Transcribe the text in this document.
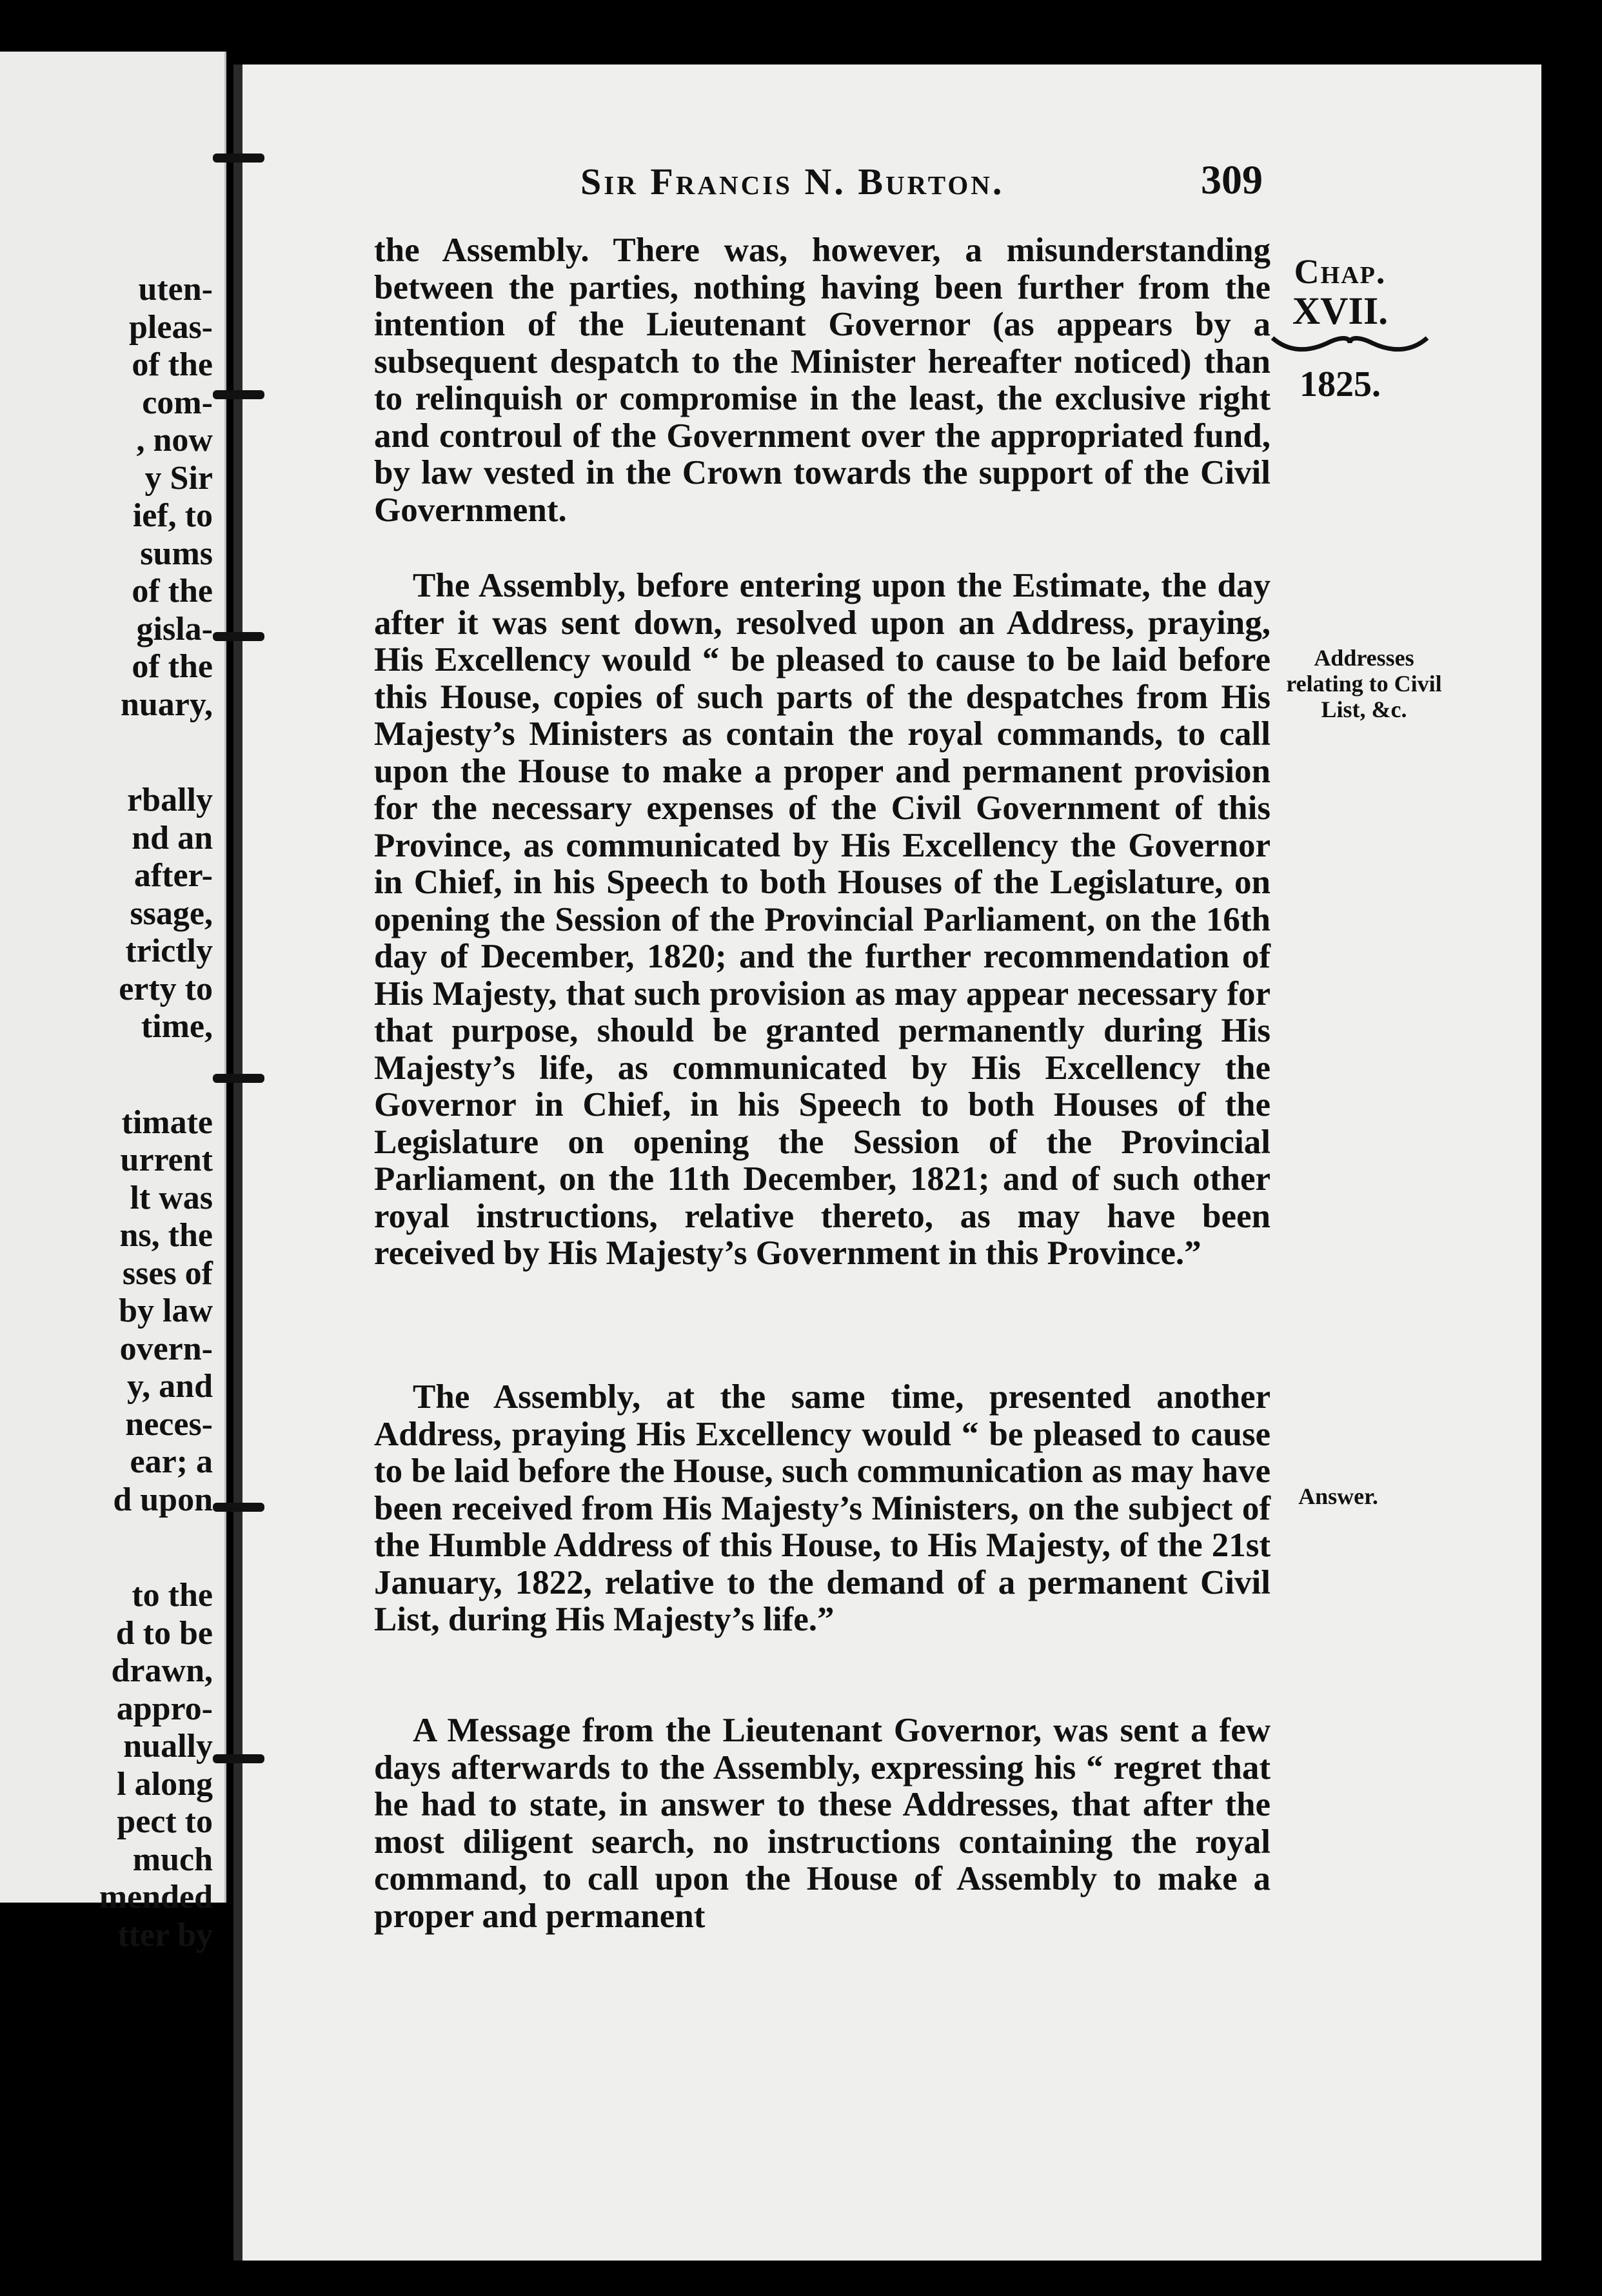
uten-
pleas-
of the
com-
, now
y Sir
ief, to
sums
of the
gisla-
of the
nuary,
rbally
nd an
after-
ssage,
trictly
erty to
time,
timate
urrent
lt was
ns, the
sses of
by law
overn-
y, and
neces-
ear; a
d upon
to the
d to be
drawn,
appro-
nually
l along
pect to
much
mended
tter by
Sir Francis N. Burton.	309
Chap.
XVII.
1825.
Addresses relating to Civil List, &c.
Answer.

the Assembly. There was, however, a misunderstanding between the parties, nothing having been further from the intention of the Lieutenant Governor (as appears by a subsequent despatch to the Minister hereafter noticed) than to relinquish or compromise in the least, the exclusive right and controul of the Government over the appropriated fund, by law vested in the Crown towards the support of the Civil Government.

The Assembly, before entering upon the Estimate, the day after it was sent down, resolved upon an Address, praying, His Excellency would “ be pleased to cause to be laid before this House, copies of such parts of the despatches from His Majesty’s Ministers as contain the royal commands, to call upon the House to make a proper and permanent provision for the necessary expenses of the Civil Government of this Province, as communicated by His Excellency the Governor in Chief, in his Speech to both Houses of the Legislature, on opening the Session of the Provincial Parliament, on the 16th day of December, 1820; and the further recommendation of His Majesty, that such provision as may appear necessary for that purpose, should be granted permanently during His Majesty’s life, as communicated by His Excellency the Governor in Chief, in his Speech to both Houses of the Legislature on opening the Session of the Provincial Parliament, on the 11th December, 1821; and of such other royal instructions, relative thereto, as may have been received by His Majesty’s Government in this Province.”

The Assembly, at the same time, presented another Address, praying His Excellency would “ be pleased to cause to be laid before the House, such communication as may have been received from His Majesty’s Ministers, on the subject of the Humble Address of this House, to His Majesty, of the 21st January, 1822, relative to the demand of a permanent Civil List, during His Majesty’s life.”

A Message from the Lieutenant Governor, was sent a few days afterwards to the Assembly, expressing his “ regret that he had to state, in answer to these Addresses, that after the most diligent search, no instructions containing the royal command, to call upon the House of Assembly to make a proper and permanent
